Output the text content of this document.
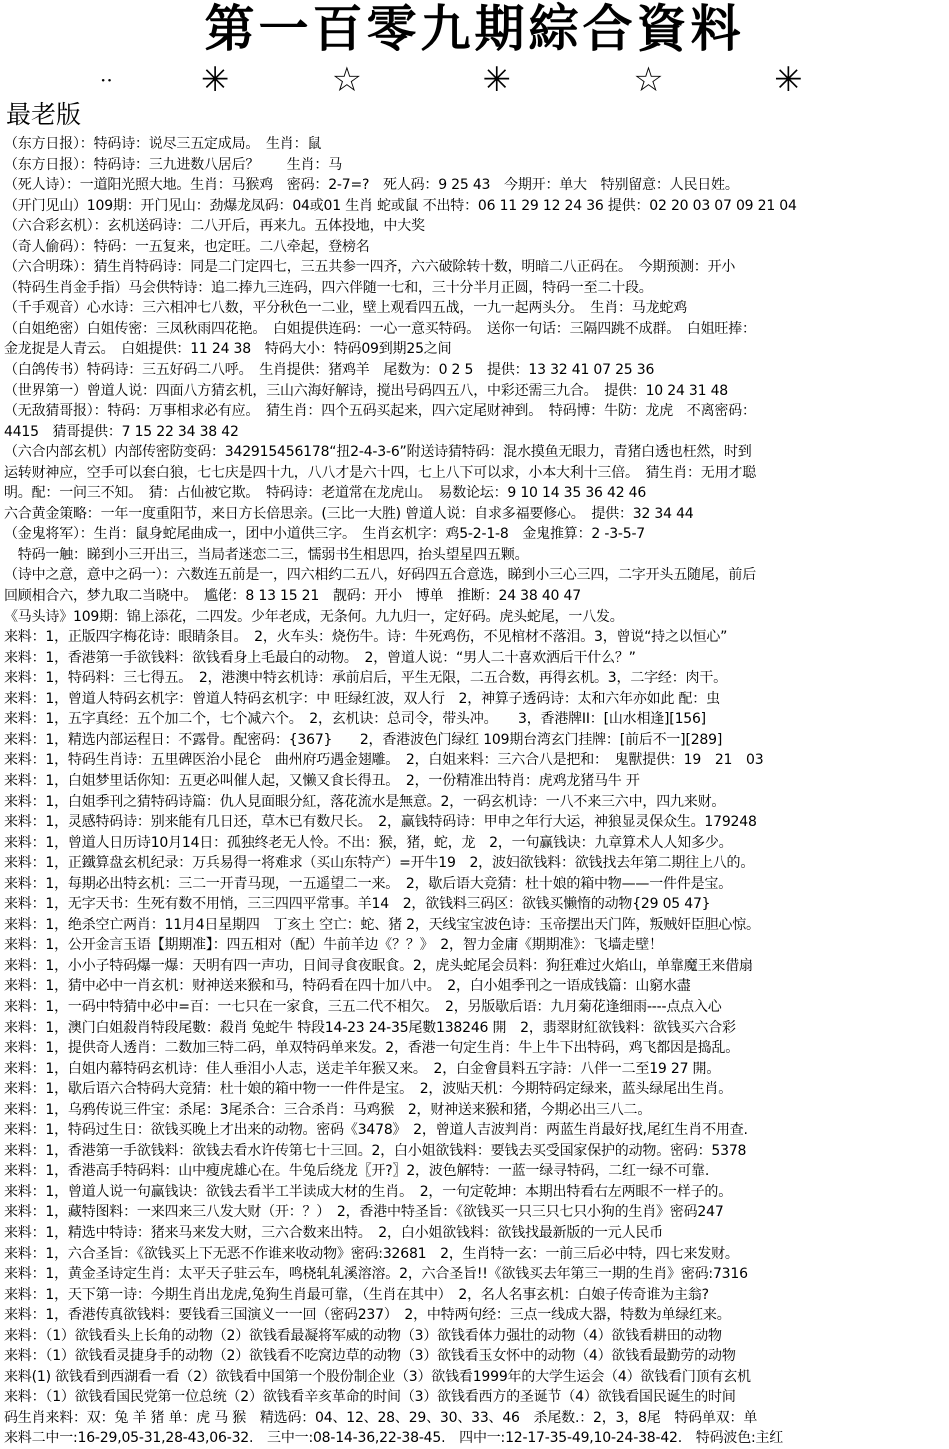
第一百零九期綜合資料
··	✳	☆	✳	☆	✳
最老版
（东方日报）：特码诗：说尽三五定成局。　生肖：鼠
（东方日报）：特码诗：三九进数八居后？　　生肖：马
（死人诗）：一道阳光照大地。生肖：马猴鸡　密码：2-7=?　死人码：9 25 43　今期开：单大　特别留意：人民日姓。
（开门见山）109期：开门见山：劲爆龙凤码：04或01 生肖 蛇或鼠 不出特：06 11 29 12 24 36 提供：02 20 03 07 09 21 04
（六合彩玄机）：玄机送码诗：二八开后，再来九。五体投地，中大奖
（奇人偷码）：特码：一五复来，也定旺。二八牵起，登榜名
（六合明珠）：猜生肖特码诗：同是二门定四七，三五共参一四齐，六六破除转十数，明暗二八正码在。　今期预测：开小
（特码生肖金手指）马会供特诗：追二捧九三连码，四六伴随一七和，三十分半月正圆，特码一至二十段。
（千手观音）心水诗：三六相冲七八数，平分秋色一二业，壁上观看四五战，一九一起两头分。　生肖：马龙蛇鸡
（白姐绝密）白姐传密：三凤秋雨四花艳。　白姐提供连码：一心一意买特码。　送你一句话：三隔四跳不成群。　白姐旺捧：
金龙捉是人青云。　白姐提供：11 24 38　特码大小：特码09到期25之间
（白鸽传书）特码诗：三五好码二八呼。　生肖提供：猪鸡羊　尾数为：0 2 5　提供：13 32 41 07 25 36
（世界第一）曾道人说：四面八方猜玄机，三山六海好解诗，搅出号码四五八，中彩还需三九合。　提供：10 24 31 48
（无敌猜哥报）：特码：万事相求必有应。　猜生肖：四个五码买起来，四六定尾财神到。　特码博：牛防：龙虎　不离密码：
4415　猜哥提供：7 15 22 34 38 42
（六合内部玄机）内部传密防变码：342915456178“扭2-4-3-6”附送诗猜特码：混水摸鱼无眼力，青猪白透也枉然，时到
运转财神应，空手可以套白狼，七七庆是四十九，八八才是六十四，七上八下可以求，小本大利十三倍。　猜生肖：无用才聪
明。配：一问三不知。　猜：占仙被它欺。　特码诗：老道常在龙虎山。　易数论坛：9 10 14 35 36 42 46
六合黄金策略：一年一度重阳节，来日方长倍思亲。(三比一大胜) 曾道人说：自求多福要修心。　提供：32 34 44
（金鬼将军）：生肖：鼠身蛇尾曲成一，团中小道供三字。　生肖玄机字：鸡5-2-1-8　金鬼推算：2 -3-5-7
　特码一触：睇到小三开出三，当局者迷恋二三，懦弱书生相思四，抬头望星四五颗。
（诗中之意，意中之码一）：六数连五前是一，四六相约二五八，好码四五合意选，睇到小三心三四，二字开头五随尾，前后
回顾相合六，梦九取二当晓中。　尴佬：8 13 15 21　靓码：开小　博单　推断：24 38 40 47
《马头诗》109期：锦上添花，二四发。少年老成，无条何。九九归一，定好码。虎头蛇尾，一八发。
来料：1，正版四字梅花诗：眼睛条目。　2，火车头：烧伤牛。诗：牛死鸡伤，不见棺材不落泪。3，曾说“持之以恒心”
来料：1，香港第一手欲钱料：欲钱看身上毛最白的动物。　2，曾道人说：“男人二十喜欢洒后干什么？”
来料：1，特码料：三七得五。　2，港澳中特玄机诗：承前启后，平生无限，二五合数，再得玄机。3，二字经：肉干。
来料：1，曾道人特码玄机字：曾道人特码玄机字：中 旺绿红波，双人行　2，神算子透码诗：太和六年亦如此 配：虫
来料：1，五字真经：五个加二个，七个减六个。　2，玄机诀：总司令，带头冲。　　3，香港牌II：[山水相逢][156]
来料：1，精选内部运程日：不露骨。配密码：{367}　　2，香港波色门绿红 109期台湾玄门挂牌：[前后不一][289]
来料：1，特码生肖诗：五里碑医治小昆仑　曲州府巧遇金翅雕。　2，白姐来料：三六合八是把和：　鬼獸提供：19　21　03
来料：1，白姐梦里话你知：五更必叫催人起，又懒又食长得丑。　2，一份精准出特肖：虎鸡龙猪马牛 开
来料：1，白姐季刊之猜特码诗篇：仇人見面眼分紅，落花流水是無意。2，一码玄机诗：一八不来三六中，四九来财。
来料：1，灵感特码诗：别来能有几日还，草木已有数尺长。　2，赢钱特码诗：甲申之年行大运，神狼显灵保众生。179248
来料：1，曾道人日历诗10月14日：孤独终老无人怜。不出：猴，猪，蛇，龙　2，一句赢钱诀：九章算术人人知多少。
来料：1，正鐵算盘玄机纪录：万兵易得一将难求（买山东特产）=开牛19　2，波妇欲钱料：欲钱找去年第二期往上八的。
来料：1，每期必出特玄机：三二一开青马现，一五遥望二一来。　2，歇后语大竞猜：杜十娘的箱中物——一件件是宝。
来料：1，无字天书：生死有数不用悄，三三四四平常事。羊14　2，欲钱料三码区：欲钱买懒惰的动物{29 05 47}
来料：1，绝杀空亡两肖：11月4日星期四　丁亥土 空亡：蛇、猪 2，天线宝宝波色诗：玉帝摆出天门阵，叛贼奸臣胆心惊。
来料：1，公开金言玉语【期期准】：四五相对（配）牛前羊边《？？》　2，智力金庸《期期准》：飞墙走壁！
来料：1，小小子特码爆一爆：天明有四一声功，日间寻食夜眠食。2，虎头蛇尾会员料：狗狂难过火焰山，单靠魔王来借扇
来料：1，猜中必中一肖玄机：财神送来猴和马，特码看在四十加八中。　2，白小姐季刊之一语成钱篇：山窮水盡
来料：1，一码中特猜中必中=百：一七只在一家食，三五二代不相欠。　2，另版歇后语：九月菊花逢细雨----点点入心
来料：1，澳门白姐殺肖特段尾數：殺肖 兔蛇牛 特段14-23 24-35尾數138246 開　2，翡翠財紅欲钱料：欲钱买六合彩
来料：1，提供奇人透肖：二数加三特二码，单双特码单来发。2，香港一句定生肖：牛上牛下出特码，鸡飞都因是捣乱。
来料：1，白姐内幕特码玄机诗：佳人垂泪小人志，送走羊年猴又来。　2，白金會員料五字詩：八伴一二至19 27 開。
来料：1，歇后语六合特码大竞猜：杜十娘的箱中物一一件件是宝。　2，波贴天机：今期特码定绿来，蓝头绿尾出生肖。
来料：1，乌鸦传说三件宝：杀尾：3尾杀合：三合杀肖：马鸡猴　2，财神送来猴和猪，今期必出三八二。
来料：1，特码过生日：欲钱买晚上才出来的动物。密码《3478》　2，曾道人吉波判肖：两蓝生肖最好找,尾红生肖不用查.
来料：1，香港第一手欲钱料：欲钱去看水许传第七十三回。2，白小姐欲钱料：要钱去买受国家保护的动物。密码：5378
来料：1，香港高手特码料：山中瘦虎雄心在。牛兔后绕龙〖开?〗2，波色解特：一蓝一绿寻特码，二红一绿不可靠.
来料：1，曾道人说一句赢钱诀：欲钱去看半工半读成大材的生肖。　2，一句定乾坤：本期出特看右左两眼不一样子的。
来料：1，藏特图料：一来四来三八发大财（开：？）　2，香港中特圣旨：《欲钱买一只三只七只小狗的生肖》密码247
来料：1，精选中特诗：猪来马来发大财，三六合数来出特。　2，白小姐欲钱料：欲钱找最新版的一元人民币
来料：1，六合圣旨：《欲钱买上下无恶不作谁来收动物》密码:32681　2，生肖特一玄：一前三后必中特，四七来发财。
来料：1，黄金圣诗定生肖：太平天子驻云车，鸣桡轧轧溪溶溶。2，六合圣旨!!《欲钱买去年第三一期的生肖》密码:7316
来料：1，天下第一诗：今期生肖出龙虎,兔狗生肖最可靠，（生肖在其中）　2，名人名事玄机：白娘子传奇谁为主翁?
来料：1，香港传真欲钱料：要钱看三国演义一一回（密码237）　2，中特两句经：三点一线成大器，特数为单绿红来。
来料：（1）欲钱看头上长角的动物（2）欲钱看最凝将军威的动物（3）欲钱看体力强壮的动物（4）欲钱看耕田的动物
来料：（1）欲钱看灵捷身手的动物（2）欲钱看不吃窝边草的动物（3）欲钱看玉女怀中的动物（4）欲钱看最勤劳的动物
来料(1) 欲钱看到西湖看一看（2）欲钱看中国第一个股份制企业（3）欲钱看1999年的大学生运会（4）欲钱看门顶有玄机
来料：（1）欲钱看国民党第一位总统（2）欲钱看辛亥革命的时间（3）欲钱看西方的圣诞节（4）欲钱看国民诞生的时间
码生肖来料：双：兔 羊 猪 单：虎 马 猴　精选码：04、12、28、29、30、33、46　杀尾数.：2，3，8尾　特码单双：单
来料二中一:16-29,05-31,28-43,06-32.　三中一:08-14-36,22-38-45.　四中一:12-17-35-49,10-24-38-42.　特码波色:主红
